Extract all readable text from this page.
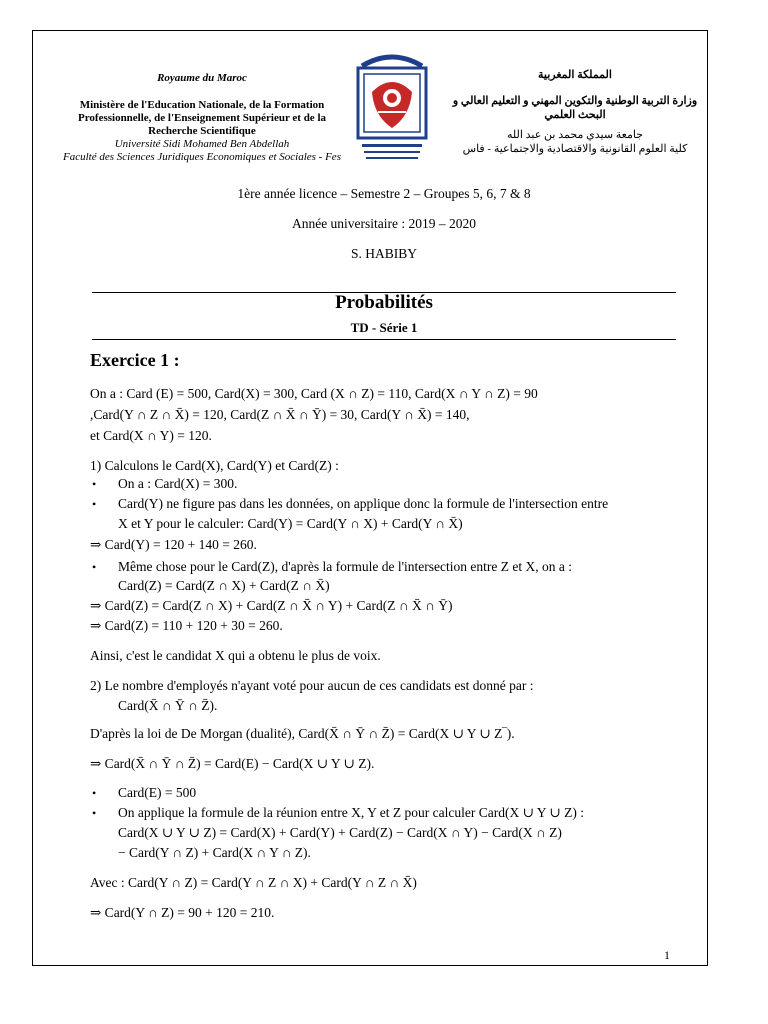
Royaume du Maroc
Ministère de l'Education Nationale, de la Formation Professionnelle, de l'Enseignement Supérieur et de la Recherche Scientifique
Université Sidi Mohamed Ben Abdellah
Faculté des Sciences Juridiques Economiques et Sociales - Fes
المملكة المغربية
وزارة التربية الوطنية والتكوين المهني و التعليم العالي و البحث العلمي
جامعة سيدي محمد بن عبد الله
كلية العلوم القانونية والاقتصادية والاجتماعية - فاس
1ère année licence – Semestre 2 – Groupes 5, 6, 7 & 8
Année universitaire : 2019 – 2020
S. HABIBY
Probabilités
TD - Série 1
Exercice 1 :
On a : Card (E) = 500, Card(X) = 300, Card (X ∩ Z) = 110, Card(X ∩ Y ∩ Z) = 90
,Card(Y ∩ Z ∩ X̄) = 120, Card(Z ∩ X̄ ∩ Ȳ) = 30, Card(Y ∩ X̄) = 140,
et Card(X ∩ Y) = 120.
1) Calculons le Card(X), Card(Y) et Card(Z) :
• On a : Card(X) = 300.
• Card(Y) ne figure pas dans les données, on applique donc la formule de l'intersection entre
X et Y pour le calculer: Card(Y) = Card(Y ∩ X) + Card(Y ∩ X̄)
⇒ Card(Y) = 120 + 140 = 260.
• Même chose pour le Card(Z), d'après la formule de l'intersection entre Z et X, on a :
Card(Z) = Card(Z ∩ X) + Card(Z ∩ X̄)
⇒ Card(Z) = Card(Z ∩ X) + Card(Z ∩ X̄ ∩ Y) + Card(Z ∩ X̄ ∩ Ȳ)
⇒ Card(Z) = 110 + 120 + 30 = 260.
Ainsi, c'est le candidat X qui a obtenu le plus de voix.
2) Le nombre d'employés n'ayant voté pour aucun de ces candidats est donné par :
Card(X̄ ∩ Ȳ ∩ Z̄).
D'après la loi de De Morgan (dualité), Card(X̄ ∩ Ȳ ∩ Z̄) = Card(X ∪ Y ∪ Z‾).
⇒ Card(X̄ ∩ Ȳ ∩ Z̄) = Card(E) − Card(X ∪ Y ∪ Z).
• Card(E) = 500
• On applique la formule de la réunion entre X, Y et Z pour calculer Card(X ∪ Y ∪ Z) :
Card(X ∪ Y ∪ Z) = Card(X) + Card(Y) + Card(Z) − Card(X ∩ Y) − Card(X ∩ Z)
− Card(Y ∩ Z) + Card(X ∩ Y ∩ Z).
Avec : Card(Y ∩ Z) = Card(Y ∩ Z ∩ X) + Card(Y ∩ Z ∩ X̄)
⇒ Card(Y ∩ Z) = 90 + 120 = 210.
1
